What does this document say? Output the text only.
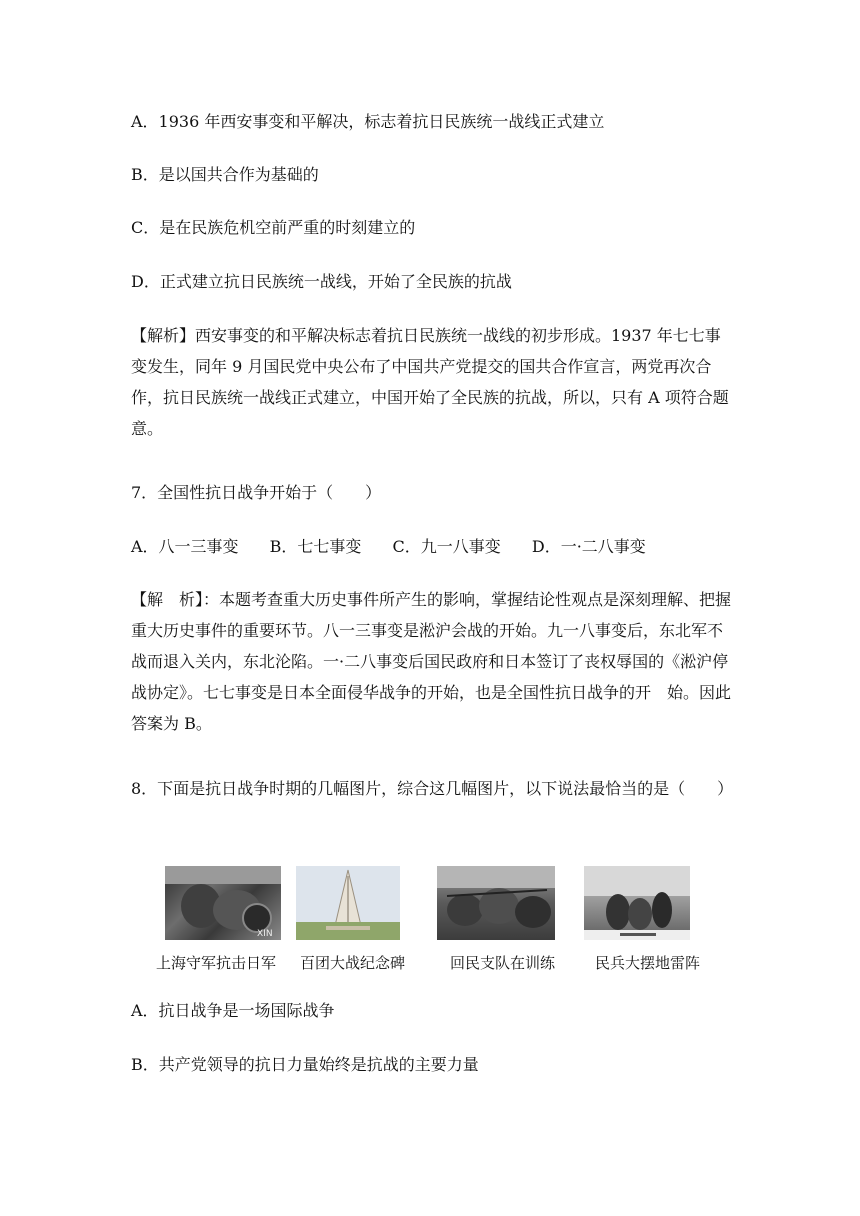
A．1936 年西安事变和平解决，标志着抗日民族统一战线正式建立

B．是以国共合作为基础的

C．是在民族危机空前严重的时刻建立的

D．正式建立抗日民族统一战线，开始了全民族的抗战

【解析】西安事变的和平解决标志着抗日民族统一战线的初步形成。1937 年七七事变发生，同年 9 月国民党中央公布了中国共产党提交的国共合作宣言，两党再次合作，抗日民族统一战线正式建立，中国开始了全民族的抗战，所以，只有 A 项符合题意。

7．全国性抗日战争开始于（　　）

A．八一三事变 B．七七事变 C．九一八事变 D．一·二八事变

【解　析】：本题考查重大历史事件所产生的影响，掌握结论性观点是深刻理解、把握重大历史事件的重要环节。八一三事变是淞沪会战的开始。九一八事变后，东北军不　战而退入关内，东北沦陷。一·二八事变后国民政府和日本签订了丧权辱国的《淞沪停战协定》。七七事变是日本全面侵华战争的开始，也是全国性抗日战争的开　始。因此答案为 B。

8．下面是抗日战争时期的几幅图片，综合这几幅图片，以下说法最恰当的是（　　）

XIN
上海守军抗击日军 百团大战纪念碑	回民支队在训练	民兵大摆地雷阵

A．抗日战争是一场国际战争

B．共产党领导的抗日力量始终是抗战的主要力量
